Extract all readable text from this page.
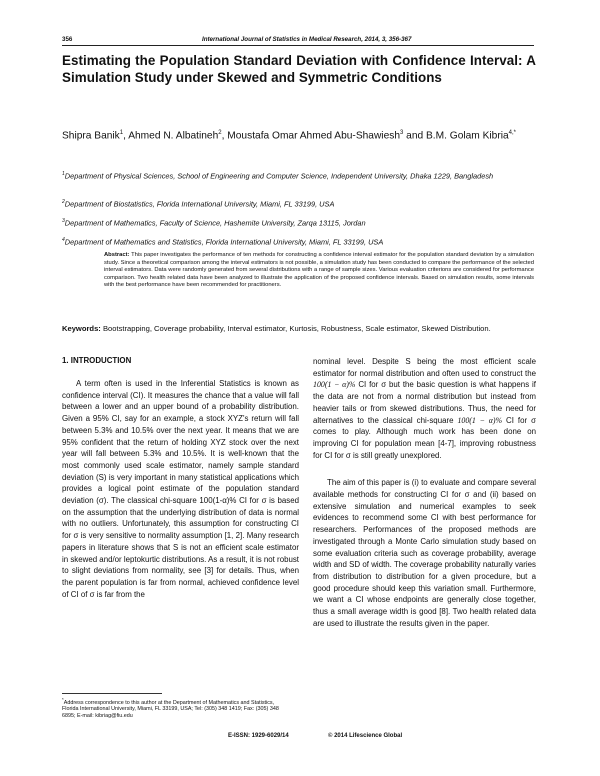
356	International Journal of Statistics in Medical Research, 2014, 3, 356-367
Estimating the Population Standard Deviation with Confidence Interval: A Simulation Study under Skewed and Symmetric Conditions
Shipra Banik$^1$, Ahmed N. Albatineh$^2$, Moustafa Omar Ahmed Abu-Shawiesh$^3$ and B.M. Golam Kibria$^{4,*}$
$^1$Department of Physical Sciences, School of Engineering and Computer Science, Independent University, Dhaka 1229, Bangladesh
$^2$Department of Biostatistics, Florida International University, Miami, FL 33199, USA
$^3$Department of Mathematics, Faculty of Science, Hashemite University, Zarqa 13115, Jordan
$^4$Department of Mathematics and Statistics, Florida International University, Miami, FL 33199, USA
Abstract: This paper investigates the performance of ten methods for constructing a confidence interval estimator for the population standard deviation by a simulation study. Since a theoretical comparison among the interval estimators is not possible, a simulation study has been conducted to compare the performance of the selected interval estimators. Data were randomly generated from several distributions with a range of sample sizes. Various evaluation criterions are considered for performance comparison. Two health related data have been analyzed to illustrate the application of the proposed confidence intervals. Based on simulation results, some intervals with the best performance have been recommended for practitioners.
Keywords: Bootstrapping, Coverage probability, Interval estimator, Kurtosis, Robustness, Scale estimator, Skewed Distribution.
1. INTRODUCTION

A term often is used in the Inferential Statistics is known as confidence interval (CI). It measures the chance that a value will fall between a lower and an upper bound of a probability distribution. Given a 95% CI, say for an example, a stock XYZ's return will fall between 5.3% and 10.5% over the next year. It means that we are 95% confident that the return of holding XYZ stock over the next year will fall between 5.3% and 10.5%. It is well-known that the most commonly used scale estimator, namely sample standard deviation (S) is very important in many statistical applications which provides a logical point estimate of the population standard deviation (σ). The classical chi-square 100(1-α)% CI for σ is based on the assumption that the underlying distribution of data is normal with no outliers. Unfortunately, this assumption for constructing CI for σ is very sensitive to normality assumption [1, 2]. Many research papers in literature shows that S is not an efficient scale estimator in skewed and/or leptokurtic distributions. As a result, it is not robust to slight deviations from normality, see [3] for details. Thus, when the parent population is far from normal, achieved confidence level of CI of σ is far from the

nominal level. Despite S being the most efficient scale estimator for normal distribution and often used to construct the 100(1 − α)% CI for σ but the basic question is what happens if the data are not from a normal distribution but instead from heavier tails or from skewed distributions. Thus, the need for alternatives to the classical chi-square 100(1 − α)% CI for σ comes to play. Although much work has been done on improving CI for population mean [4-7], improving robustness for CI for σ is still greatly unexplored.

The aim of this paper is (i) to evaluate and compare several available methods for constructing CI for σ and (ii) based on extensive simulation and numerical examples to seek evidences to recommend some CI with best performance for researchers. Performances of the proposed methods are investigated through a Monte Carlo simulation study based on some evaluation criteria such as coverage probability, average width and SD of width. The coverage probability naturally varies from distribution to distribution for a given procedure, but a good procedure should keep this variation small. Furthermore, we want a CI whose endpoints are generally close together, thus a small average width is good [8]. Two health related data are used to illustrate the results given in the paper.

*Address correspondence to this author at the Department of Mathematics and Statistics, Florida International University, Miami, FL 33199, USA; Tel: (305) 348 1419; Fax: (305) 348 6895; E-mail: kibriag@fiu.edu
E-ISSN: 1929-6029/14	© 2014 Lifescience Global
